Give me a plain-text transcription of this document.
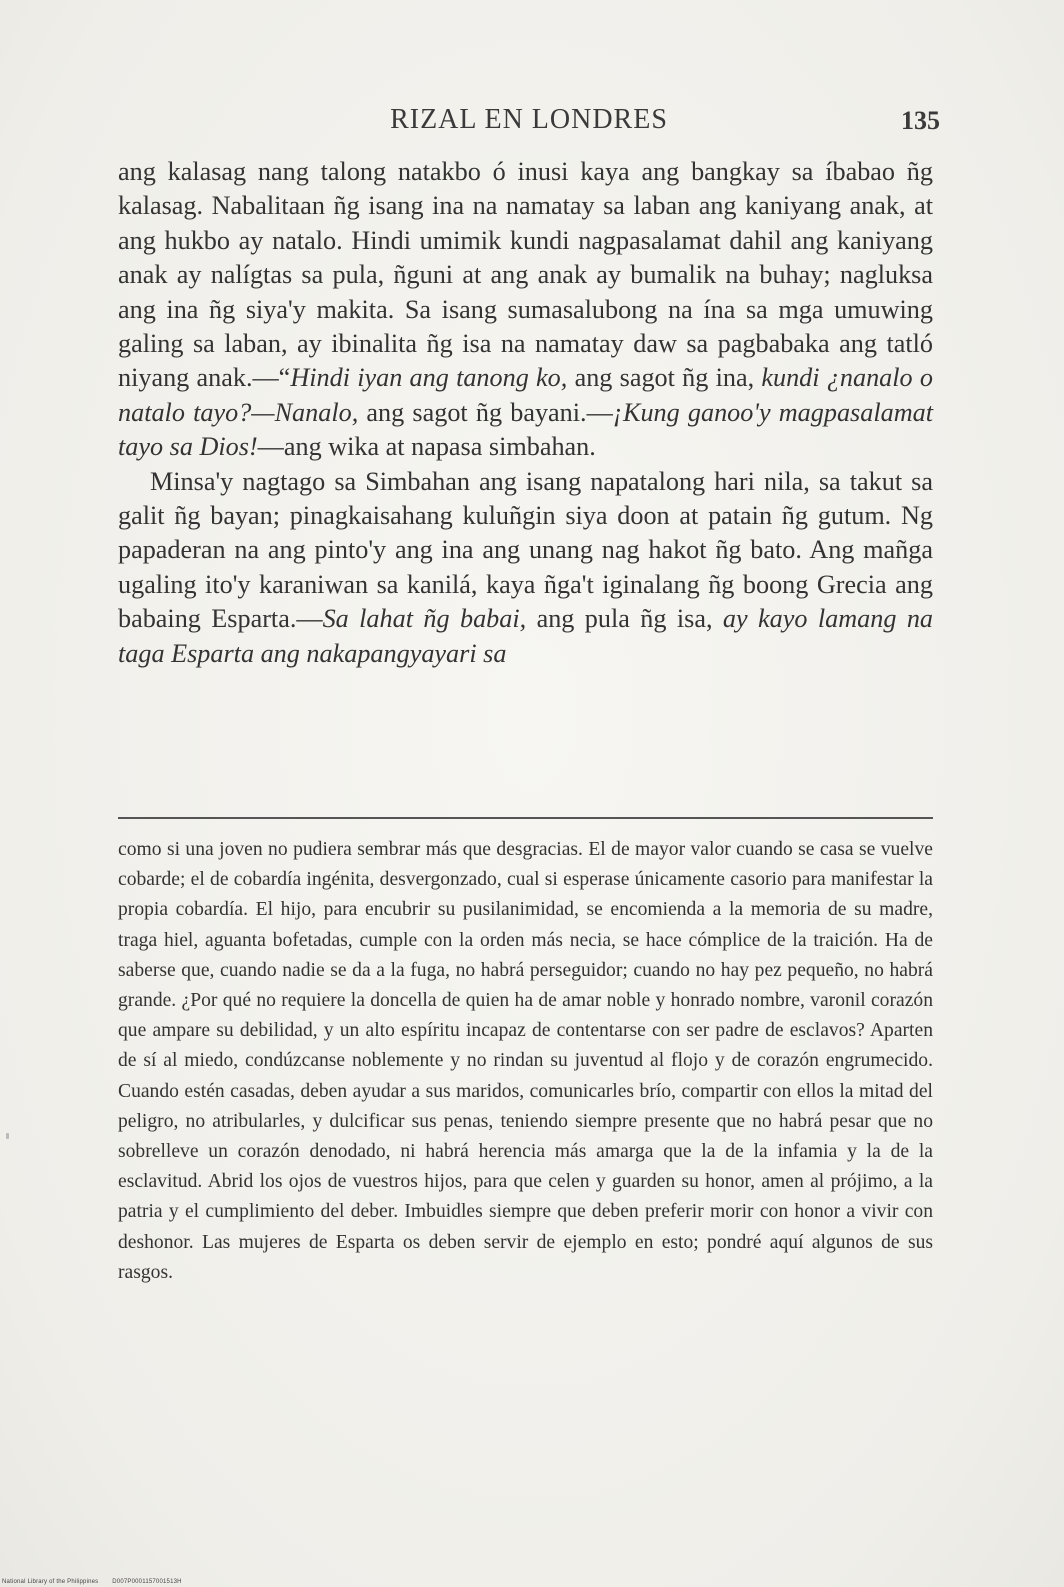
RIZAL EN LONDRES	135

ang kalasag nang talong natakbo ó inusi kaya ang bangkay sa íbabao ñg kalasag. Nabalitaan ñg isang ina na namatay sa laban ang kaniyang anak, at ang hukbo ay natalo. Hindi umimik kundi nagpasalamat dahil ang kaniyang anak ay nalígtas sa pula, ñguni at ang anak ay bumalik na buhay; nagluksa ang ina ñg siya'y makita. Sa isang sumasalubong na ína sa mga umuwing galing sa laban, ay ibinalita ñg isa na namatay daw sa pagbabaka ang tatló niyang anak.—“Hindi iyan ang tanong ko, ang sagot ñg ina, kundi ¿nanalo o natalo tayo?—Nanalo, ang sagot ñg bayani.—¡Kung ganoo'y magpasalamat tayo sa Dios!—ang wika at napasa simbahan.

Minsa'y nagtago sa Simbahan ang isang napatalong hari nila, sa takut sa galit ñg bayan; pinagkaisahang kuluñgin siya doon at patain ñg gutum. Ng papaderan na ang pinto'y ang ina ang unang nag hakot ñg bato. Ang mañga ugaling ito'y karaniwan sa kanilá, kaya ñga't iginalang ñg boong Grecia ang babaing Esparta.—Sa lahat ñg babai, ang pula ñg isa, ay kayo lamang na taga Esparta ang nakapangyayari sa

como si una joven no pudiera sembrar más que desgracias. El de mayor valor cuando se casa se vuelve cobarde; el de cobardía ingénita, desvergonzado, cual si esperase únicamente casorio para manifestar la propia cobardía. El hijo, para encubrir su pusilanimidad, se encomienda a la memoria de su madre, traga hiel, aguanta bofetadas, cumple con la orden más necia, se hace cómplice de la traición. Ha de saberse que, cuando nadie se da a la fuga, no habrá perseguidor; cuando no hay pez pequeño, no habrá grande. ¿Por qué no requiere la doncella de quien ha de amar noble y honrado nombre, varonil corazón que ampare su debilidad, y un alto espíritu incapaz de contentarse con ser padre de esclavos? Aparten de sí al miedo, condúzcanse noblemente y no rindan su juventud al flojo y de corazón engrumecido. Cuando estén casadas, deben ayudar a sus maridos, comunicarles brío, compartir con ellos la mitad del peligro, no atribularles, y dulcificar sus penas, teniendo siempre presente que no habrá pesar que no sobrelleve un corazón denodado, ni habrá herencia más amarga que la de la infamia y la de la esclavitud. Abrid los ojos de vuestros hijos, para que celen y guarden su honor, amen al prójimo, a la patria y el cumplimiento del deber. Imbuidles siempre que deben preferir morir con honor a vivir con deshonor. Las mujeres de Esparta os deben servir de ejemplo en esto; pondré aquí algunos de sus rasgos.

National Library of the Philippines D007P0001157001513H
